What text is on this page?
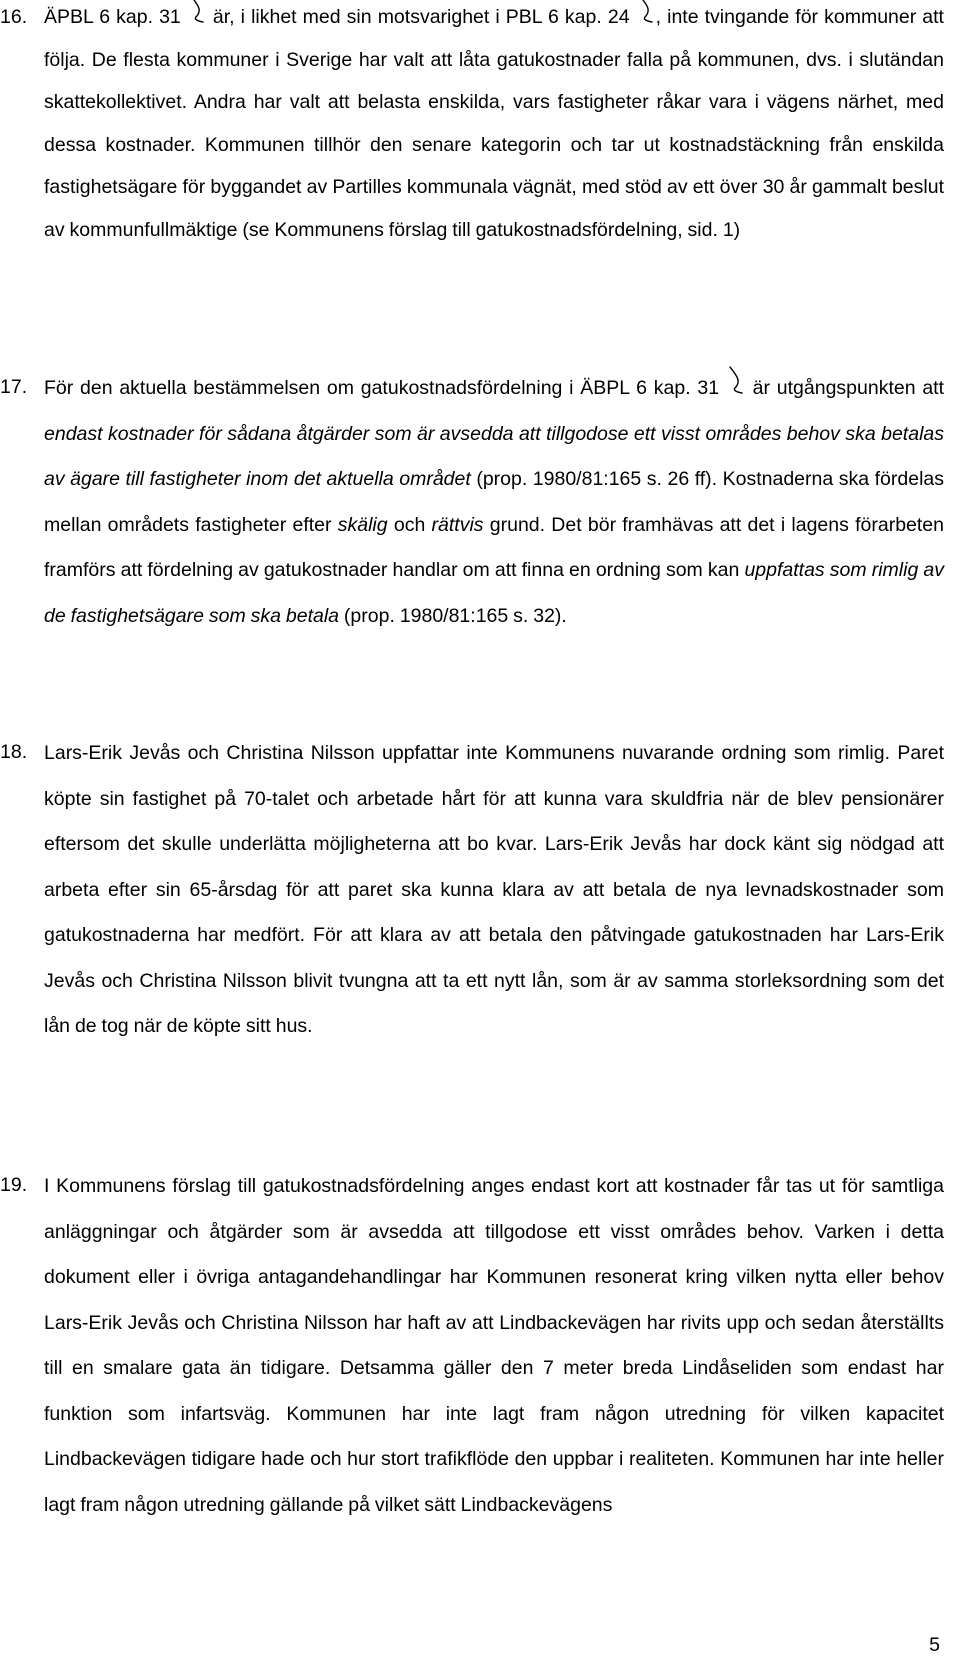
16. ÄPBL 6 kap. 31
är, i likhet med sin motsvarighet i PBL 6 kap. 24
, inte tvingande för kommuner att följa. De flesta kommuner i Sverige har valt att låta gatukostnader falla på kommunen, dvs. i slutändan skattekollektivet. Andra har valt att belasta enskilda, vars fastigheter råkar vara i vägens närhet, med dessa kostnader. Kommunen tillhör den senare kategorin och tar ut kostnadstäckning från enskilda fastighetsägare för byggandet av Partilles kommunala vägnät, med stöd av ett över 30 år gammalt beslut av kommunfullmäktige (se Kommunens förslag till gatukostnadsfördelning, sid. 1)
17. För den aktuella bestämmelsen om gatukostnadsfördelning i ÄBPL 6 kap. 31
är utgångspunkten att endast kostnader för sådana åtgärder som är avsedda att tillgodose ett visst områdes behov ska betalas av ägare till fastigheter inom det aktuella området (prop. 1980/81:165 s. 26 ff). Kostnaderna ska fördelas mellan områdets fastigheter efter skälig och rättvis grund. Det bör framhävas att det i lagens förarbeten framförs att fördelning av gatukostnader handlar om att finna en ordning som kan uppfattas som rimlig av de fastighetsägare som ska betala (prop. 1980/81:165 s. 32).
18. Lars-Erik Jevås och Christina Nilsson uppfattar inte Kommunens nuvarande ordning som rimlig. Paret köpte sin fastighet på 70-talet och arbetade hårt för att kunna vara skuldfria när de blev pensionärer eftersom det skulle underlätta möjligheterna att bo kvar. Lars-Erik Jevås har dock känt sig nödgad att arbeta efter sin 65-årsdag för att paret ska kunna klara av att betala de nya levnadskostnader som gatukostnaderna har medfört. För att klara av att betala den påtvingade gatukostnaden har Lars-Erik Jevås och Christina Nilsson blivit tvungna att ta ett nytt lån, som är av samma storleksordning som det lån de tog när de köpte sitt hus.
19. I Kommunens förslag till gatukostnadsfördelning anges endast kort att kostnader får tas ut för samtliga anläggningar och åtgärder som är avsedda att tillgodose ett visst områdes behov. Varken i detta dokument eller i övriga antagandehandlingar har Kommunen resonerat kring vilken nytta eller behov Lars-Erik Jevås och Christina Nilsson har haft av att Lindbackevägen har rivits upp och sedan återställts till en smalare gata än tidigare. Detsamma gäller den 7 meter breda Lindåseliden som endast har funktion som infartsväg. Kommunen har inte lagt fram någon utredning för vilken kapacitet Lindbackevägen tidigare hade och hur stort trafikflöde den uppbar i realiteten. Kommunen har inte heller lagt fram någon utredning gällande på vilket sätt Lindbackevägens
5
